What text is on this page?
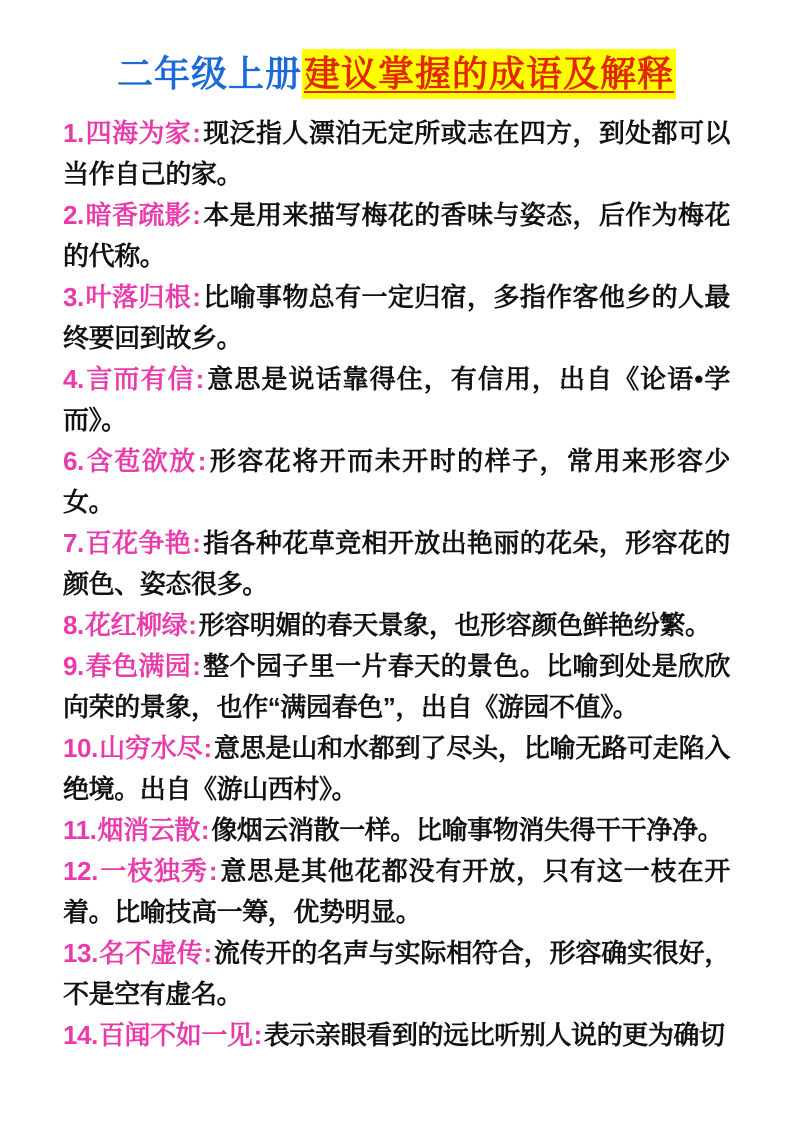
二年级上册建议掌握的成语及解释

1.四海为家:现泛指人漂泊无定所或志在四方，到处都可以当作自己的家。

2.暗香疏影:本是用来描写梅花的香味与姿态，后作为梅花的代称。

3.叶落归根:比喻事物总有一定归宿，多指作客他乡的人最终要回到故乡。

4.言而有信:意思是说话靠得住，有信用，出自《论语•学而》。

6.含苞欲放:形容花将开而未开时的样子，常用来形容少女。

7.百花争艳:指各种花草竞相开放出艳丽的花朵，形容花的颜色、姿态很多。

8.花红柳绿:形容明媚的春天景象，也形容颜色鲜艳纷繁。

9.春色满园:整个园子里一片春天的景色。比喻到处是欣欣向荣的景象，也作“满园春色”，出自《游园不值》。

10.山穷水尽:意思是山和水都到了尽头，比喻无路可走陷入绝境。出自《游山西村》。

11.烟消云散:像烟云消散一样。比喻事物消失得干干净净。

12.一枝独秀:意思是其他花都没有开放，只有这一枝在开着。比喻技高一筹，优势明显。

13.名不虚传:流传开的名声与实际相符合，形容确实很好，不是空有虚名。

14.百闻不如一见:表示亲眼看到的远比听别人说的更为确切
